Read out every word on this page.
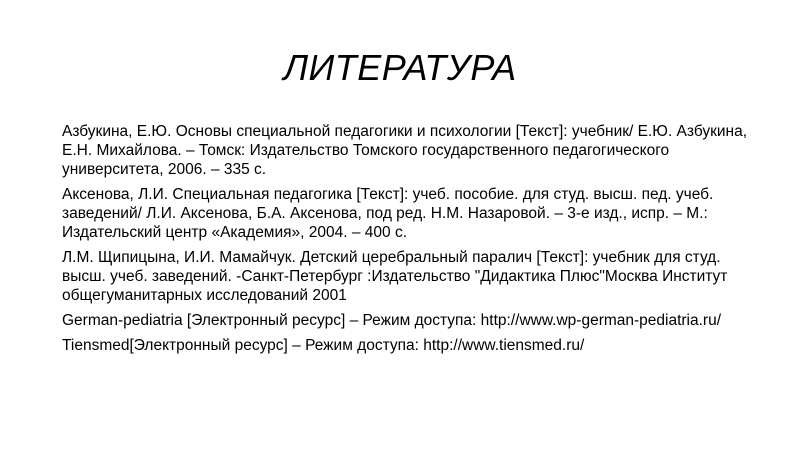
ЛИТЕРАТУРА
Азбукина, Е.Ю. Основы специальной педагогики и психологии [Текст]: учебник/ Е.Ю. Азбукина, Е.Н. Михайлова. – Томск: Издательство Томского государственного педагогического университета, 2006. – 335 с.
Аксенова, Л.И. Специальная педагогика [Текст]: учеб. пособие. для студ. высш. пед. учеб. заведений/ Л.И. Аксенова, Б.А. Аксенова, под ред. Н.М. Назаровой. – 3-е изд., испр. – М.: Издательский центр «Академия», 2004. – 400 с.
Л.М. Щипицына, И.И. Мамайчук. Детский церебральный паралич [Текст]: учебник для студ. высш. учеб. заведений. -Санкт-Петербург :Издательство "Дидактика Плюс"Москва Институт общегуманитарных исследований 2001
German-pediatria [Электронный ресурс] – Режим доступа: http://www.wp-german-pediatria.ru/
Tiensmed[Электронный ресурс] – Режим доступа: http://www.tiensmed.ru/
